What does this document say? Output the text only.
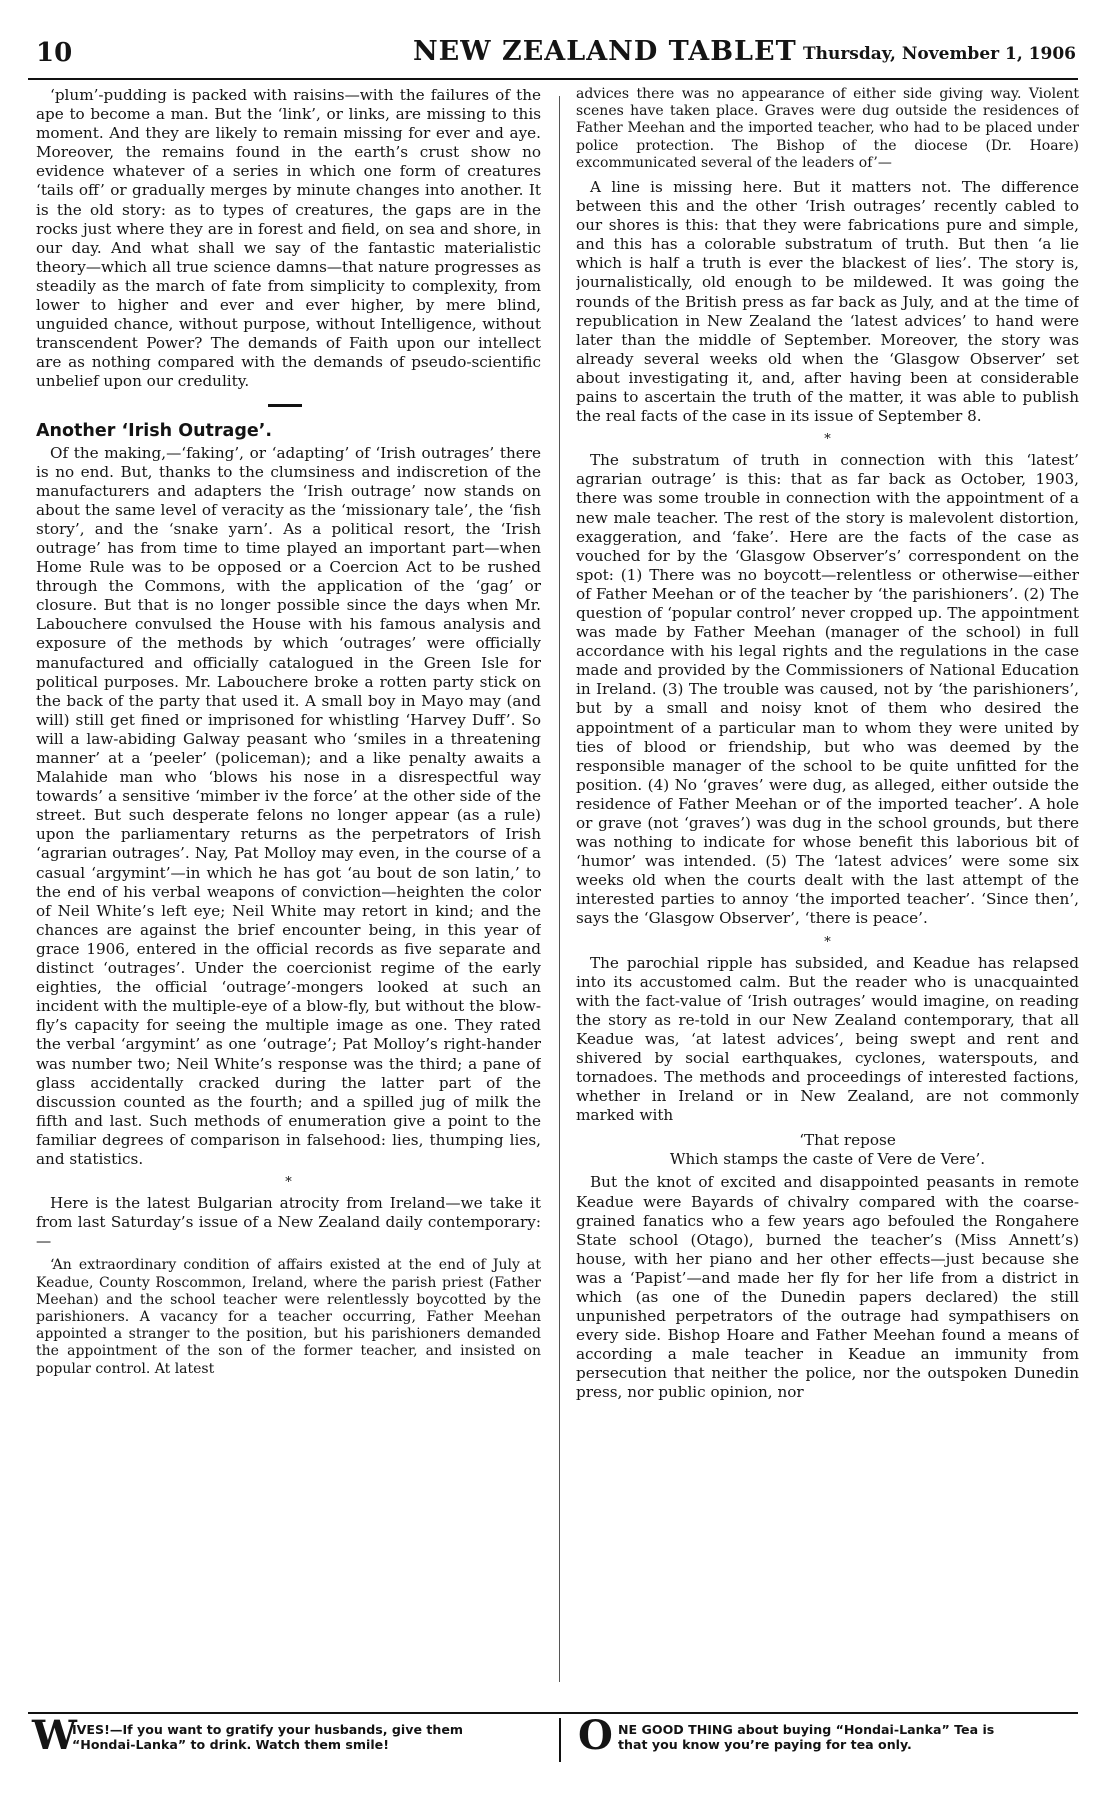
10	NEW ZEALAND TABLET Thursday, November 1, 1906

‘plum’-pudding is packed with raisins—with the failures of the ape to become a man. But the ‘link’, or links, are missing to this moment. And they are likely to remain missing for ever and aye. Moreover, the remains found in the earth’s crust show no evidence whatever of a series in which one form of creatures ‘tails off’ or gradually merges by minute changes into another. It is the old story: as to types of creatures, the gaps are in the rocks just where they are in forest and field, on sea and shore, in our day. And what shall we say of the fantastic materialistic theory—which all true science damns—that nature progresses as steadily as the march of fate from simplicity to complexity, from lower to higher and ever and ever higher, by mere blind, unguided chance, without purpose, without Intelligence, without transcendent Power? The demands of Faith upon our intellect are as nothing compared with the demands of pseudo-scientific unbelief upon our credulity.

Another ‘Irish Outrage’.

Of the making,—‘faking’, or ‘adapting’ of ‘Irish outrages’ there is no end. But, thanks to the clumsiness and indiscretion of the manufacturers and adapters the ‘Irish outrage’ now stands on about the same level of veracity as the ‘missionary tale’, the ‘fish story’, and the ‘snake yarn’. As a political resort, the ‘Irish outrage’ has from time to time played an important part—when Home Rule was to be opposed or a Coercion Act to be rushed through the Commons, with the application of the ‘gag’ or closure. But that is no longer possible since the days when Mr. Labouchere convulsed the House with his famous analysis and exposure of the methods by which ‘outrages’ were officially manufactured and officially catalogued in the Green Isle for political purposes. Mr. Labouchere broke a rotten party stick on the back of the party that used it. A small boy in Mayo may (and will) still get fined or imprisoned for whistling ‘Harvey Duff’. So will a law-abiding Galway peasant who ‘smiles in a threatening manner’ at a ‘peeler’ (policeman); and a like penalty awaits a Malahide man who ‘blows his nose in a disrespectful way towards’ a sensitive ‘mimber iv the force’ at the other side of the street. But such desperate felons no longer appear (as a rule) upon the parliamentary returns as the perpetrators of Irish ‘agrarian outrages’. Nay, Pat Molloy may even, in the course of a casual ‘argymint’—in which he has got ‘au bout de son latin,’ to the end of his verbal weapons of conviction—heighten the color of Neil White’s left eye; Neil White may retort in kind; and the chances are against the brief encounter being, in this year of grace 1906, entered in the official records as five separate and distinct ‘outrages’. Under the coercionist regime of the early eighties, the official ‘outrage’-mongers looked at such an incident with the multiple-eye of a blow-fly, but without the blow-fly’s capacity for seeing the multiple image as one. They rated the verbal ‘argymint’ as one ‘outrage’; Pat Molloy’s right-hander was number two; Neil White’s response was the third; a pane of glass accidentally cracked during the latter part of the discussion counted as the fourth; and a spilled jug of milk the fifth and last. Such methods of enumeration give a point to the familiar degrees of comparison in falsehood: lies, thumping lies, and statistics.

*

Here is the latest Bulgarian atrocity from Ireland—we take it from last Saturday’s issue of a New Zealand daily contemporary:—

‘An extraordinary condition of affairs existed at the end of July at Keadue, County Roscommon, Ireland, where the parish priest (Father Meehan) and the school teacher were relentlessly boycotted by the parishioners. A vacancy for a teacher occurring, Father Meehan appointed a stranger to the position, but his parishioners demanded the appointment of the son of the former teacher, and insisted on popular control. At latest

advices there was no appearance of either side giving way. Violent scenes have taken place. Graves were dug outside the residences of Father Meehan and the imported teacher, who had to be placed under police protection. The Bishop of the diocese (Dr. Hoare) excommunicated several of the leaders of’—

A line is missing here. But it matters not. The difference between this and the other ‘Irish outrages’ recently cabled to our shores is this: that they were fabrications pure and simple, and this has a colorable substratum of truth. But then ‘a lie which is half a truth is ever the blackest of lies’. The story is, journalistically, old enough to be mildewed. It was going the rounds of the British press as far back as July, and at the time of republication in New Zealand the ‘latest advices’ to hand were later than the middle of September. Moreover, the story was already several weeks old when the ‘Glasgow Observer’ set about investigating it, and, after having been at considerable pains to ascertain the truth of the matter, it was able to publish the real facts of the case in its issue of September 8.

*

The substratum of truth in connection with this ‘latest’ agrarian outrage’ is this: that as far back as October, 1903, there was some trouble in connection with the appointment of a new male teacher. The rest of the story is malevolent distortion, exaggeration, and ‘fake’. Here are the facts of the case as vouched for by the ‘Glasgow Observer’s’ correspondent on the spot: (1) There was no boycott—relentless or otherwise—either of Father Meehan or of the teacher by ‘the parishioners’. (2) The question of ‘popular control’ never cropped up. The appointment was made by Father Meehan (manager of the school) in full accordance with his legal rights and the regulations in the case made and provided by the Commissioners of National Education in Ireland. (3) The trouble was caused, not by ‘the parishioners’, but by a small and noisy knot of them who desired the appointment of a particular man to whom they were united by ties of blood or friendship, but who was deemed by the responsible manager of the school to be quite unfitted for the position. (4) No ‘graves’ were dug, as alleged, either outside the residence of Father Meehan or of the imported teacher’. A hole or grave (not ‘graves’) was dug in the school grounds, but there was nothing to indicate for whose benefit this laborious bit of ‘humor’ was intended. (5) The ‘latest advices’ were some six weeks old when the courts dealt with the last attempt of the interested parties to annoy ‘the imported teacher’. ‘Since then’, says the ‘Glasgow Observer’, ‘there is peace’.

*

The parochial ripple has subsided, and Keadue has relapsed into its accustomed calm. But the reader who is unacquainted with the fact-value of ‘Irish outrages’ would imagine, on reading the story as re-told in our New Zealand contemporary, that all Keadue was, ‘at latest advices’, being swept and rent and shivered by social earthquakes, cyclones, waterspouts, and tornadoes. The methods and proceedings of interested factions, whether in Ireland or in New Zealand, are not commonly marked with

‘That repose

Which stamps the caste of Vere de Vere’.

But the knot of excited and disappointed peasants in remote Keadue were Bayards of chivalry compared with the coarse-grained fanatics who a few years ago befouled the Rongahere State school (Otago), burned the teacher’s (Miss Annett’s) house, with her piano and her other effects—just because she was a ‘Papist’—and made her fly for her life from a district in which (as one of the Dunedin papers declared) the still unpunished perpetrators of the outrage had sympathisers on every side. Bishop Hoare and Father Meehan found a means of according a male teacher in Keadue an immunity from persecution that neither the police, nor the outspoken Dunedin press, nor public opinion, nor

W
IVES!—If you want to gratify your husbands, give them
“Hondai-Lanka” to drink. Watch them smile!	O NE GOOD THING about buying “Hondai-Lanka” Tea is
that you know you’re paying for tea only.
